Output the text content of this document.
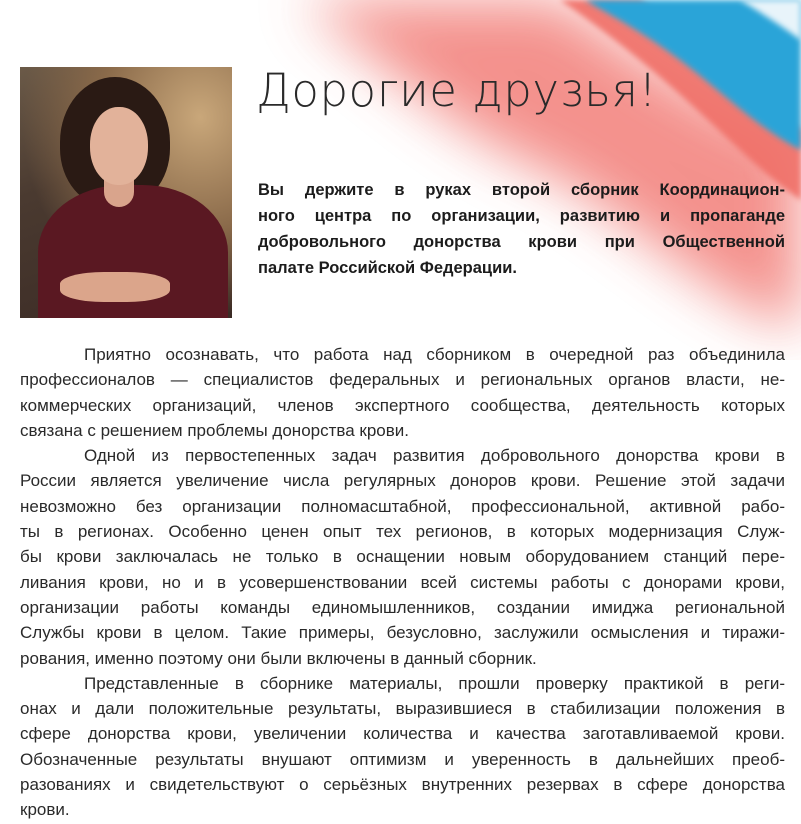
Дорогие друзья!
Вы держите в руках второй сборник Координацион-
ного центра по организации, развитию и пропаганде
добровольного донорства крови при Общественной
палате Российской Федерации.
Приятно осознавать, что работа над сборником в очередной раз объединила
профессионалов — специалистов федеральных и региональных органов власти, не-
коммерческих организаций, членов экспертного сообщества, деятельность которых
связана с решением проблемы донорства крови.
Одной из первостепенных задач развития добровольного донорства крови в
России является увеличение числа регулярных доноров крови. Решение этой задачи
невозможно без организации полномасштабной, профессиональной, активной рабо-
ты в регионах. Особенно ценен опыт тех регионов, в которых модернизация Служ-
бы крови заключалась не только в оснащении новым оборудованием станций пере-
ливания крови, но и в усовершенствовании всей системы работы с донорами крови,
организации работы команды единомышленников, создании имиджа региональной
Службы крови в целом. Такие примеры, безусловно, заслужили осмысления и тиражи-
рования, именно поэтому они были включены в данный сборник.
Представленные в сборнике материалы, прошли проверку практикой в реги-
онах и дали положительные результаты, выразившиеся в стабилизации положения в
сфере донорства крови, увеличении количества и качества заготавливаемой крови.
Обозначенные результаты внушают оптимизм и уверенность в дальнейших преоб-
разованиях и свидетельствуют о серьёзных внутренних резервах в сфере донорства
крови.
